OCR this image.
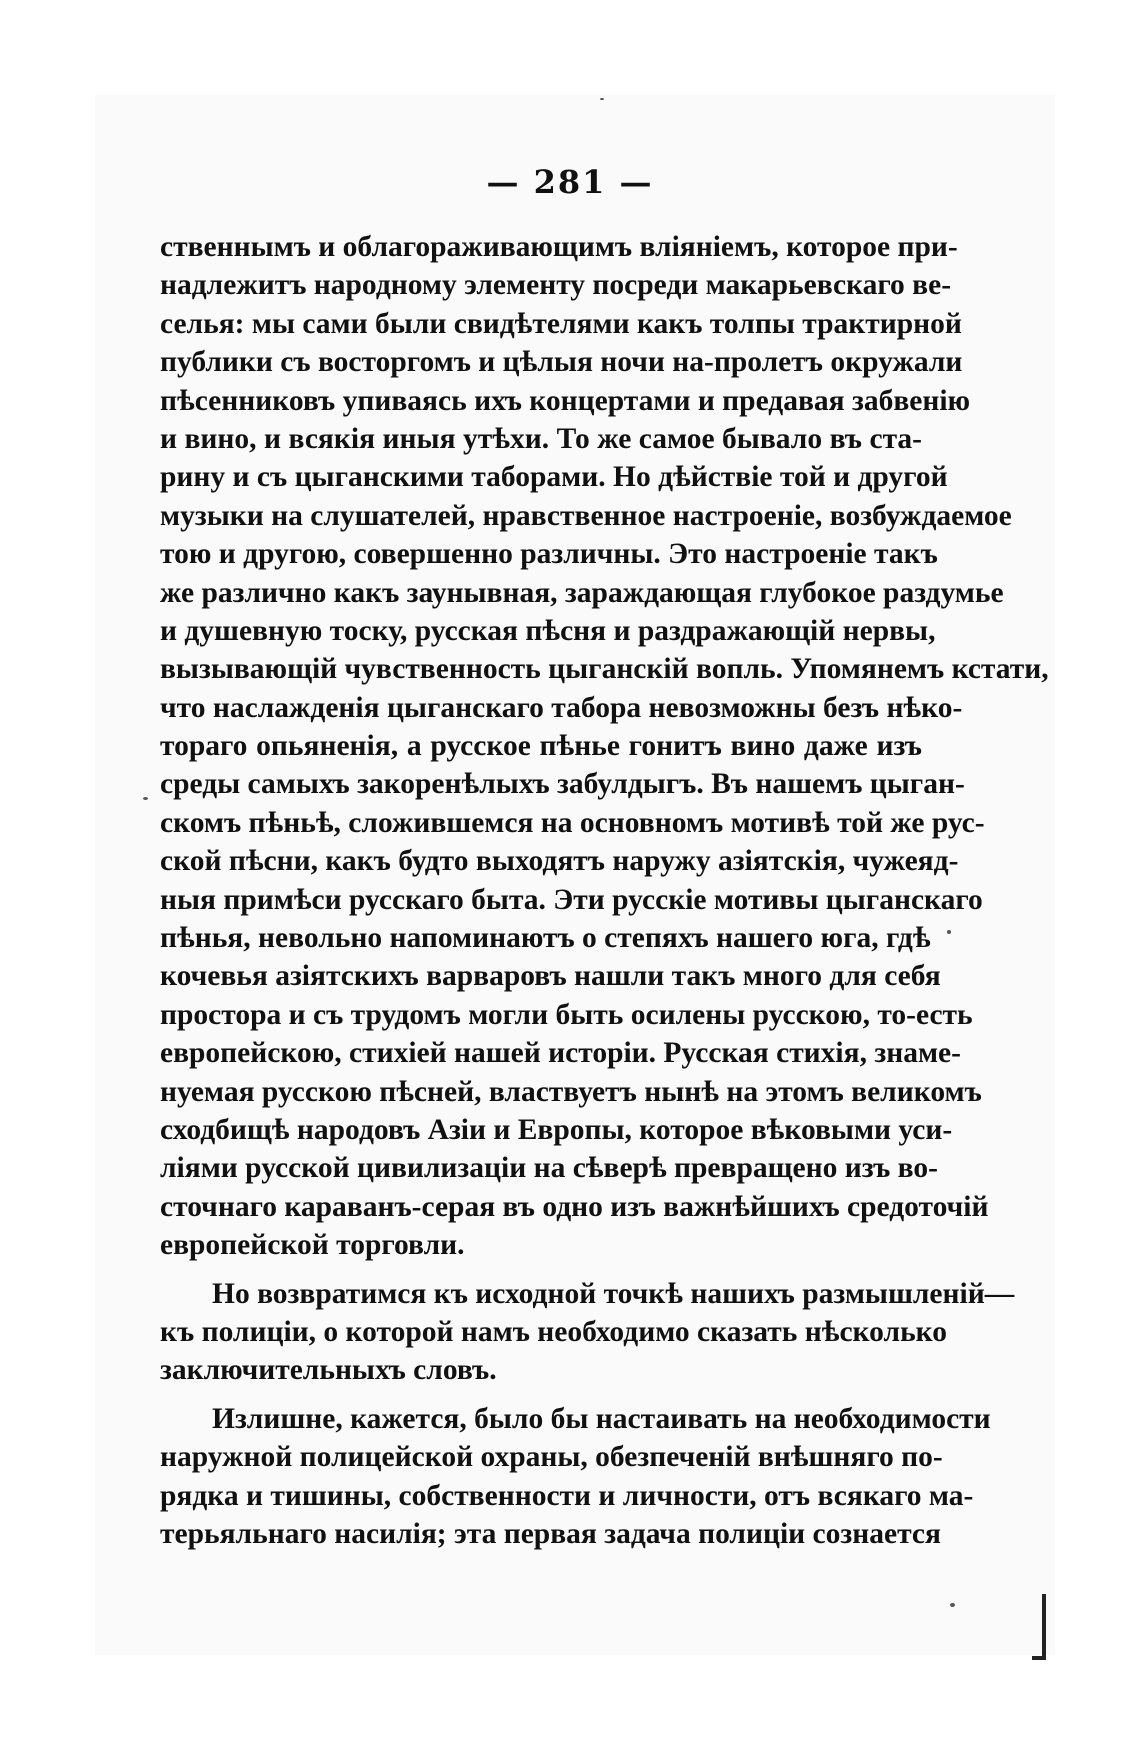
— 281 —
ственнымъ и облагораживающимъ вліяніемъ, которое при-
надлежитъ народному элементу посреди макарьевскаго ве-
селья: мы сами были свидѣтелями какъ толпы трактирной
публики съ восторгомъ и цѣлыя ночи на-пролетъ окружали
пѣсенниковъ упиваясь ихъ концертами и предавая забвенію
и вино, и всякія иныя утѣхи. То же самое бывало въ ста-
рину и съ цыганскими таборами. Но дѣйствіе той и другой
музыки на слушателей, нравственное настроеніе, возбуждаемое
тою и другою, совершенно различны. Это настроеніе такъ
же различно какъ заунывная, зараждающая глубокое раздумье
и душевную тоску, русская пѣсня и раздражающій нервы,
вызывающій чувственность цыганскій вопль. Упомянемъ кстати,
что наслажденія цыганскаго табора невозможны безъ нѣко-
тораго опьяненія, а русское пѣнье гонитъ вино даже изъ
среды самыхъ закоренѣлыхъ забулдыгъ. Въ нашемъ цыган-
скомъ пѣньѣ, сложившемся на основномъ мотивѣ той же рус-
ской пѣсни, какъ будто выходятъ наружу азіятскія, чужеяд-
ныя примѣси русскаго быта. Эти русскіе мотивы цыганскаго
пѣнья, невольно напоминаютъ о степяхъ нашего юга, гдѣ
кочевья азіятскихъ варваровъ нашли такъ много для себя
простора и съ трудомъ могли быть осилены русскою, то-есть
европейскою, стихіей нашей исторіи. Русская стихія, знаме-
нуемая русскою пѣсней, властвуетъ нынѣ на этомъ великомъ
сходбищѣ народовъ Азіи и Европы, которое вѣковыми уси-
ліями русской цивилизаціи на сѣверѣ превращено изъ во-
сточнаго караванъ-серая въ одно изъ важнѣйшихъ средоточій
европейской торговли.
Но возвратимся къ исходной точкѣ нашихъ размышленій—
къ полиціи, о которой намъ необходимо сказать нѣсколько
заключительныхъ словъ.
Излишне, кажется, было бы настаивать на необходимости
наружной полицейской охраны, обезпеченій внѣшняго по-
рядка и тишины, собственности и личности, отъ всякаго ма-
терьяльнаго насилія; эта первая задача полиціи сознается
